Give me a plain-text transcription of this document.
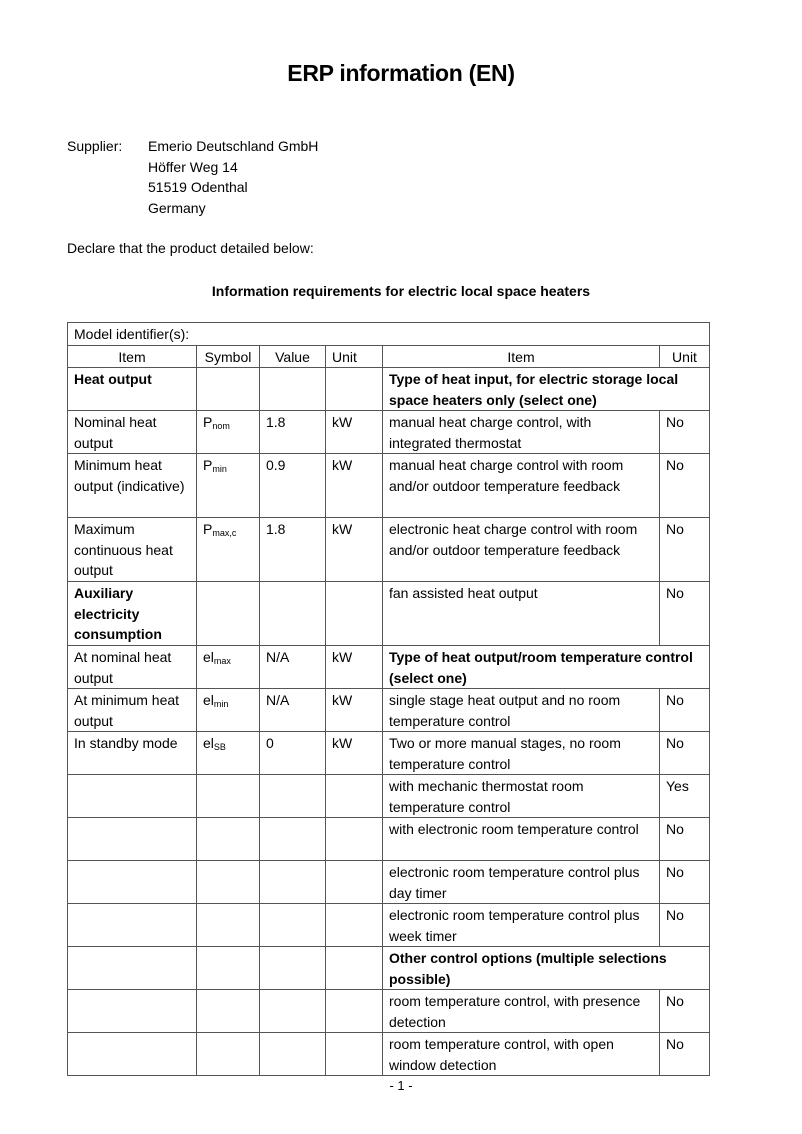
ERP information (EN)
Supplier:	Emerio Deutschland GmbH
Höffer Weg 14
51519 Odenthal
Germany
Declare that the product detailed below:
Information requirements for electric local space heaters
Model identifier(s):					
Item	Symbol	Value	Unit	Item	Unit
Heat output				Type of heat input, for electric storage local space heaters only (select one)	
Nominal heat output	$P_{nom}$	1.8	kW	manual heat charge control, with integrated thermostat	No
Minimum heat output (indicative)	$P_{min}$	0.9	kW	manual heat charge control with room and/or outdoor temperature feedback	No
Maximum continuous heat output	$P_{max,c}$	1.8	kW	electronic heat charge control with room and/or outdoor temperature feedback	No
Auxiliary electricity consumption				fan assisted heat output	No
At nominal heat output	$el_{max}$	N/A	kW	Type of heat output/room temperature control (select one)	
At minimum heat output	$el_{min}$	N/A	kW	single stage heat output and no room temperature control	No
In standby mode	$el_{SB}$	0	kW	Two or more manual stages, no room temperature control	No
				with mechanic thermostat room temperature control	Yes
				with electronic room temperature control	No
				electronic room temperature control plus day timer	No
				electronic room temperature control plus week timer	No
				Other control options (multiple selections possible)	
				room temperature control, with presence detection	No
				room temperature control, with open window detection	No
- 1 -
